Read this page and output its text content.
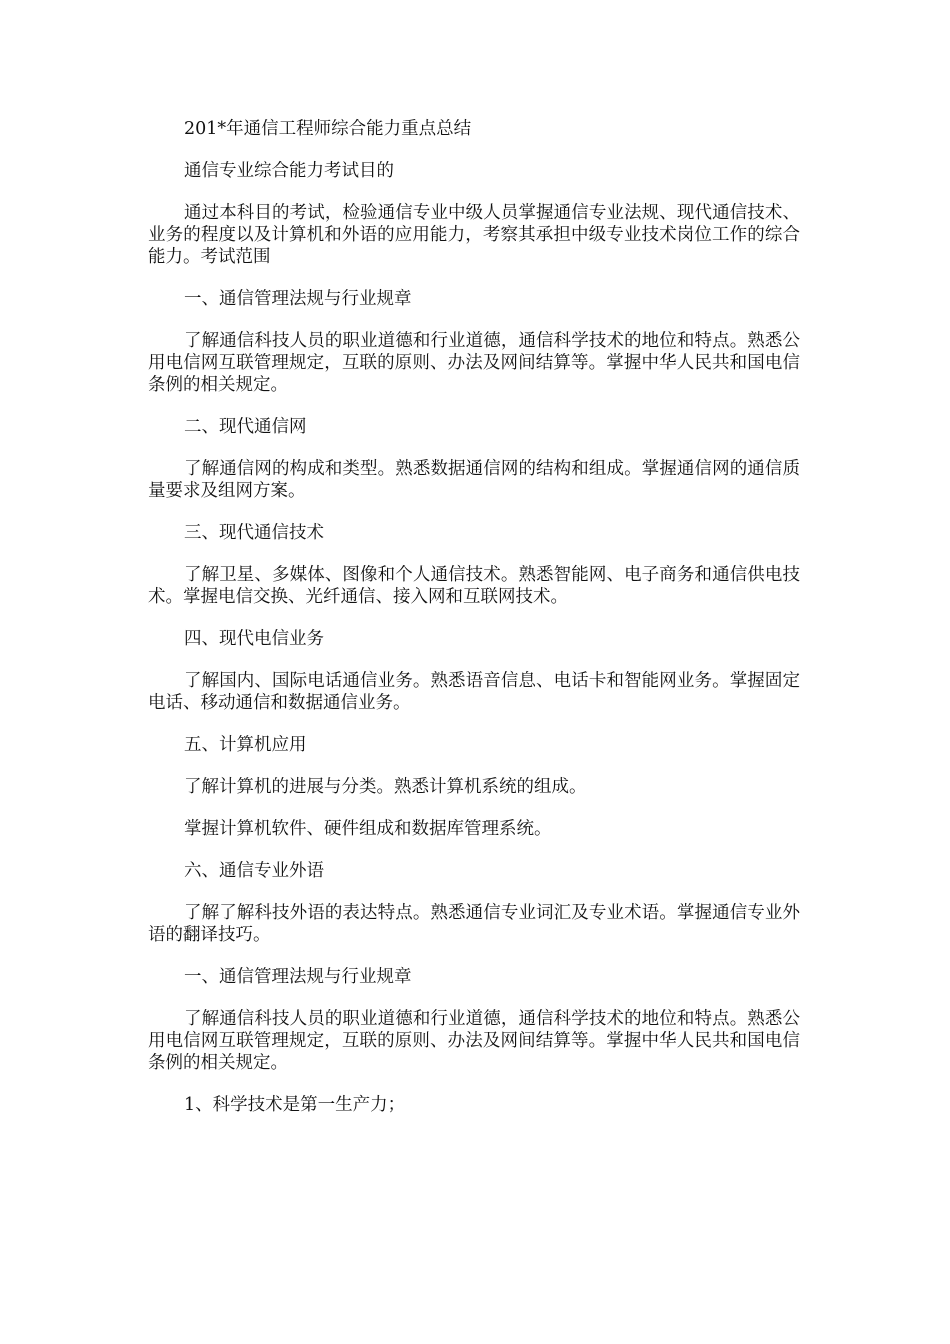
201*年通信工程师综合能力重点总结

通信专业综合能力考试目的

通过本科目的考试，检验通信专业中级人员掌握通信专业法规、现代通信技术、业务的程度以及计算机和外语的应用能力，考察其承担中级专业技术岗位工作的综合能力。考试范围

一、通信管理法规与行业规章

了解通信科技人员的职业道德和行业道德，通信科学技术的地位和特点。熟悉公用电信网互联管理规定，互联的原则、办法及网间结算等。掌握中华人民共和国电信条例的相关规定。

二、现代通信网

了解通信网的构成和类型。熟悉数据通信网的结构和组成。掌握通信网的通信质量要求及组网方案。

三、现代通信技术

了解卫星、多媒体、图像和个人通信技术。熟悉智能网、电子商务和通信供电技术。掌握电信交换、光纤通信、接入网和互联网技术。

四、现代电信业务

了解国内、国际电话通信业务。熟悉语音信息、电话卡和智能网业务。掌握固定电话、移动通信和数据通信业务。

五、计算机应用

了解计算机的进展与分类。熟悉计算机系统的组成。

掌握计算机软件、硬件组成和数据库管理系统。

六、通信专业外语

了解了解科技外语的表达特点。熟悉通信专业词汇及专业术语。掌握通信专业外语的翻译技巧。

一、通信管理法规与行业规章

了解通信科技人员的职业道德和行业道德，通信科学技术的地位和特点。熟悉公用电信网互联管理规定，互联的原则、办法及网间结算等。掌握中华人民共和国电信条例的相关规定。

1、科学技术是第一生产力；
